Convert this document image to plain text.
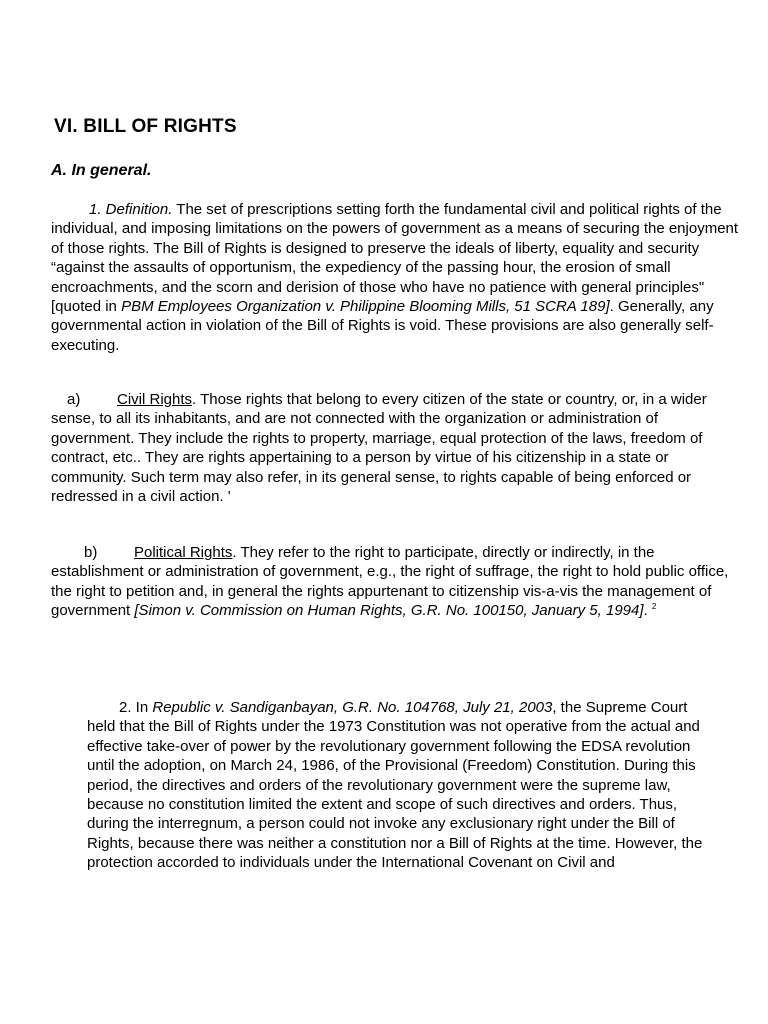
VI. BILL OF RIGHTS
A. In general.

1. Definition. The set of prescriptions setting forth the fundamental civil and political rights of the individual, and imposing limitations on the powers of government as a means of securing the enjoyment of those rights. The Bill of Rights is designed to preserve the ideals of liberty, equality and security “against the assaults of opportunism, the expediency of the passing hour, the erosion of small encroachments, and the scorn and derision of those who have no patience with general principles" [quoted in PBM Employees Organization v. Philippine Blooming Mills, 51 SCRA 189]. Generally, any governmental action in violation of the Bill of Rights is void. These provisions are also generally self-executing.

a) Civil Rights. Those rights that belong to every citizen of the state or country, or, in a wider sense, to all its inhabitants, and are not connected with the organization or administration of government. They include the rights to property, marriage, equal protection of the laws, freedom of contract, etc.. They are rights appertaining to a person by virtue of his citizenship in a state or community. Such term may also refer, in its general sense, to rights capable of being enforced or redressed in a civil action. '

b) Political Rights. They refer to the right to participate, directly or indirectly, in the establishment or administration of government, e.g., the right of suffrage, the right to hold public office, the right to petition and, in general the rights appurtenant to citizenship vis-a-vis the management of government [Simon v. Commission on Human Rights, G.R. No. 100150, January 5, 1994]. $^2$

2. In Republic v. Sandiganbayan, G.R. No. 104768, July 21, 2003, the Supreme Court held that the Bill of Rights under the 1973 Constitution was not operative from the actual and effective take-over of power by the revolutionary government following the EDSA revolution until the adoption, on March 24, 1986, of the Provisional (Freedom) Constitution. During this period, the directives and orders of the revolutionary government were the supreme law, because no constitution limited the extent and scope of such directives and orders. Thus, during the interregnum, a person could not invoke any exclusionary right under the Bill of Rights, because there was neither a constitution nor a Bill of Rights at the time. However, the protection accorded to individuals under the International Covenant on Civil and
